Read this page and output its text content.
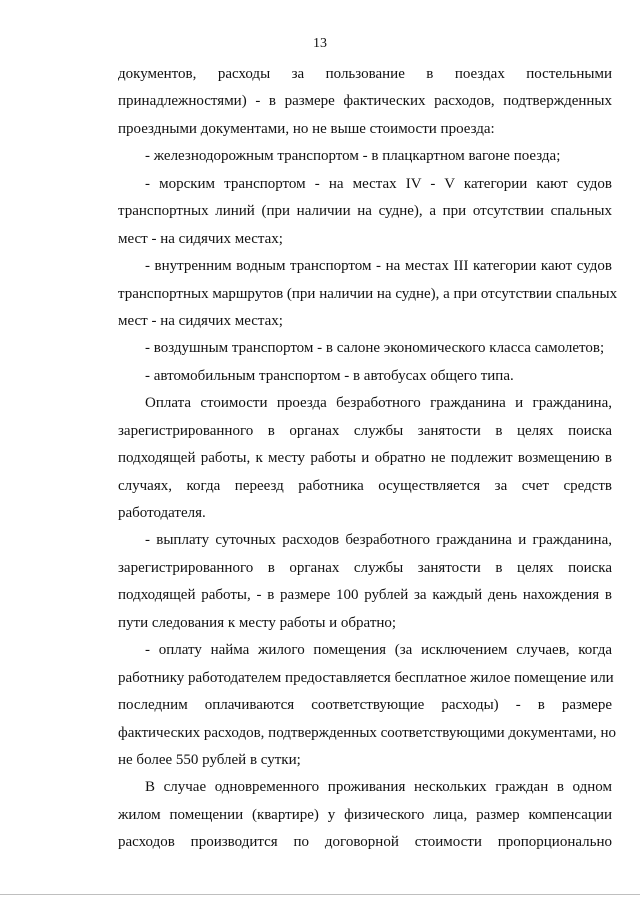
13
документов, расходы за пользование в поездах постельными
принадлежностями) - в размере фактических расходов, подтвержденных
проездными документами, но не выше стоимости проезда:
- железнодорожным транспортом - в плацкартном вагоне поезда;
- морским транспортом - на местах IV - V категории кают судов
транспортных линий (при наличии на судне), а при отсутствии спальных
мест - на сидячих местах;
- внутренним водным транспортом - на местах III категории кают судов
транспортных маршрутов (при наличии на судне), а при отсутствии спальных
мест - на сидячих местах;
- воздушным транспортом - в салоне экономического класса самолетов;
- автомобильным транспортом - в автобусах общего типа.
Оплата стоимости проезда безработного гражданина и гражданина,
зарегистрированного в органах службы занятости в целях поиска
подходящей работы, к месту работы и обратно не подлежит возмещению в
случаях, когда переезд работника осуществляется за счет средств
работодателя.
- выплату суточных расходов безработного гражданина и гражданина,
зарегистрированного в органах службы занятости в целях поиска
подходящей работы, - в размере 100 рублей за каждый день нахождения в
пути следования к месту работы и обратно;
- оплату найма жилого помещения (за исключением случаев, когда
работнику работодателем предоставляется бесплатное жилое помещение или
последним оплачиваются соответствующие расходы) - в размере
фактических расходов, подтвержденных соответствующими документами, но
не более 550 рублей в сутки;
В случае одновременного проживания нескольких граждан в одном
жилом помещении (квартире) у физического лица, размер компенсации
расходов производится по договорной стоимости пропорционально
